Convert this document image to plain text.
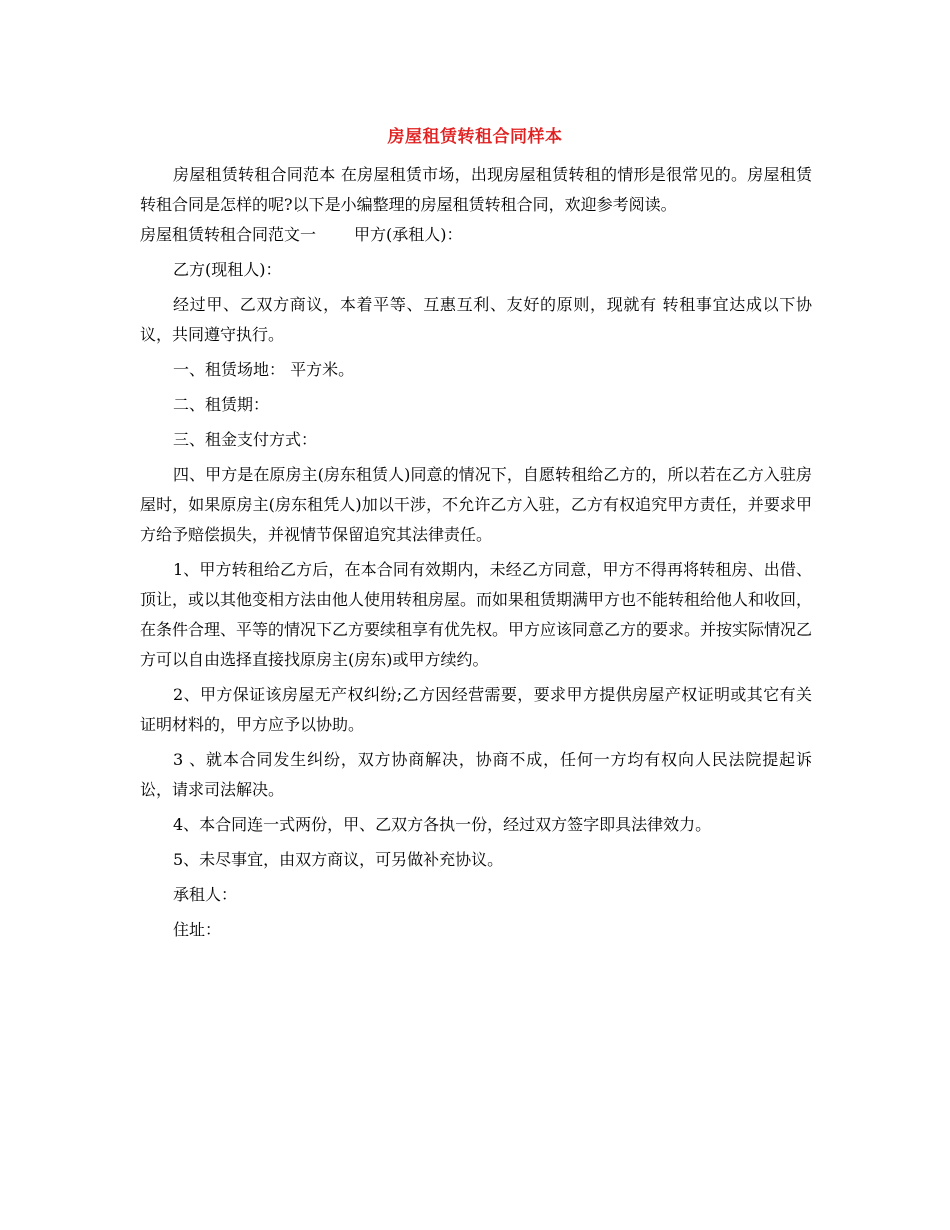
房屋租赁转租合同样本

房屋租赁转租合同范本 在房屋租赁市场，出现房屋租赁转租的情形是很常见的。房屋租赁转租合同是怎样的呢?以下是小编整理的房屋租赁转租合同，欢迎参考阅读。

房屋租赁转租合同范文一 甲方(承租人)：

乙方(现租人)：

经过甲、乙双方商议，本着平等、互惠互利、友好的原则，现就有 转租事宜达成以下协议，共同遵守执行。

一、租赁场地： 平方米。

二、租赁期：

三、租金支付方式：

四、甲方是在原房主(房东租赁人)同意的情况下，自愿转租给乙方的，所以若在乙方入驻房屋时，如果原房主(房东租凭人)加以干涉，不允许乙方入驻，乙方有权追究甲方责任，并要求甲方给予赔偿损失，并视情节保留追究其法律责任。

1、甲方转租给乙方后，在本合同有效期内，未经乙方同意，甲方不得再将转租房、出借、顶让，或以其他变相方法由他人使用转租房屋。而如果租赁期满甲方也不能转租给他人和收回，在条件合理、平等的情况下乙方要续租享有优先权。甲方应该同意乙方的要求。并按实际情况乙方可以自由选择直接找原房主(房东)或甲方续约。

2、甲方保证该房屋无产权纠纷;乙方因经营需要，要求甲方提供房屋产权证明或其它有关证明材料的，甲方应予以协助。

3 、就本合同发生纠纷，双方协商解决，协商不成，任何一方均有权向人民法院提起诉讼，请求司法解决。

4、本合同连一式两份，甲、乙双方各执一份，经过双方签字即具法律效力。

5、未尽事宜，由双方商议，可另做补充协议。

承租人：

住址：
